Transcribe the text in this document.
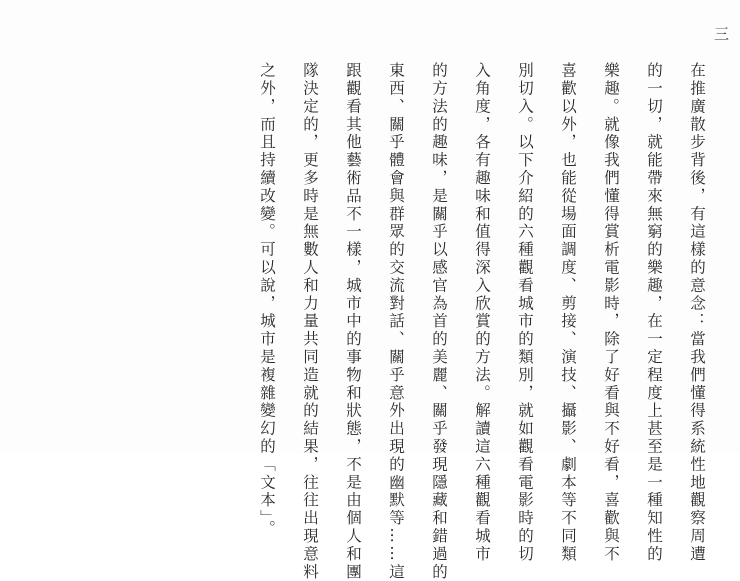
三
在推廣散步背後，有這樣的意念：當我們懂得系統性地觀察周遭
的一切，就能帶來無窮的樂趣，在一定程度上甚至是一種知性的
樂趣。就像我們懂得賞析電影時，除了好看與不好看，喜歡與不
喜歡以外，也能從場面調度、剪接、演技、攝影、劇本等不同類
別切入。以下介紹的六種觀看城市的類別，就如觀看電影時的切
入角度，各有趣味和值得深入欣賞的方法。解讀這六種觀看城市
的方法的趣味，是關乎以感官為首的美麗、關乎發現隱藏和錯過的
東西、關乎體會與群眾的交流對話、關乎意外出現的幽默等……這
跟觀看其他藝術品不一樣，城市中的事物和狀態，不是由個人和團
隊決定的，更多時是無數人和力量共同造就的結果，往往出現意料
之外，而且持續改變。可以說，城市是複雜變幻的「文本」。
